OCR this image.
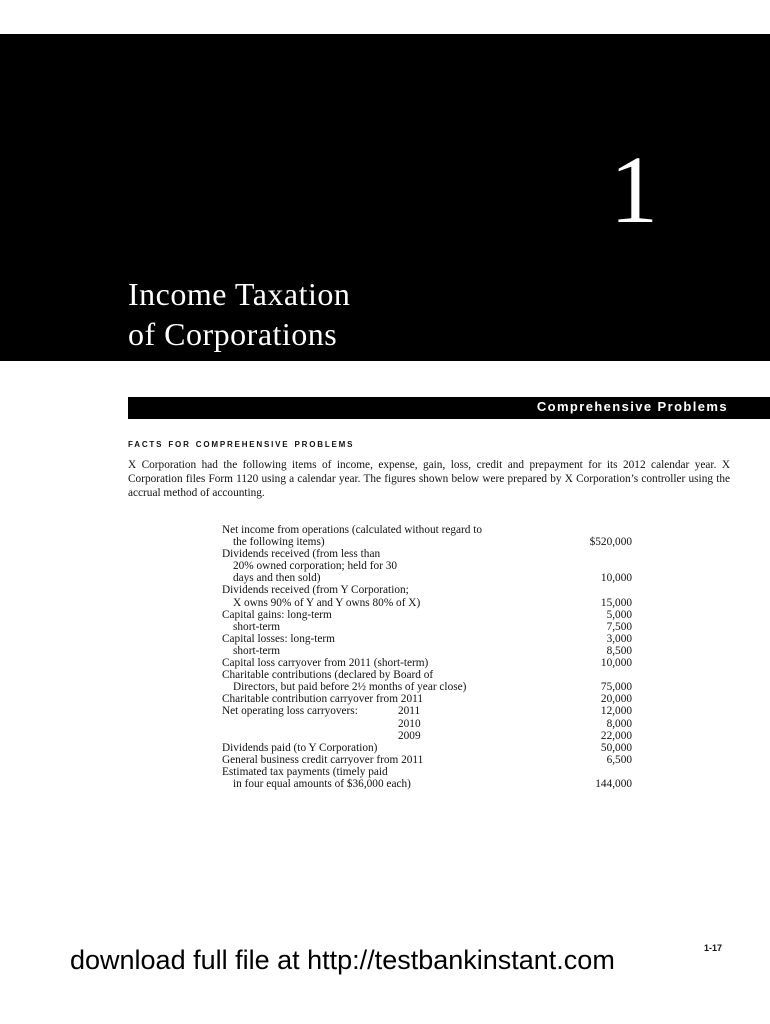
1
Income Taxation
of Corporations
Comprehensive Problems
facts for comprehensive problems
X Corporation had the following items of income, expense, gain, loss, credit and prepayment for its 2012 calendar year. X Corporation files Form 1120 using a calendar year. The figures shown below were prepared by X Corporation’s controller using the accrual method of accounting.
Net income from operations (calculated without regard to
the following items)	$520,000
Dividends received (from less than
20% owned corporation; held for 30
days and then sold)	10,000
Dividends received (from Y Corporation;
X owns 90% of Y and Y owns 80% of X)	15,000
Capital gains: long-term	5,000
short-term	7,500
Capital losses: long-term	3,000
short-term	8,500
Capital loss carryover from 2011 (short-term)	10,000
Charitable contributions (declared by Board of
Directors, but paid before 2½ months of year close)	75,000
Charitable contribution carryover from 2011	20,000
Net operating loss carryovers:	2011	12,000
2010	8,000
2009	22,000
Dividends paid (to Y Corporation)	50,000
General business credit carryover from 2011	6,500
Estimated tax payments (timely paid
in four equal amounts of $36,000 each)	144,000
download full file at http://testbankinstant.com	1-17
